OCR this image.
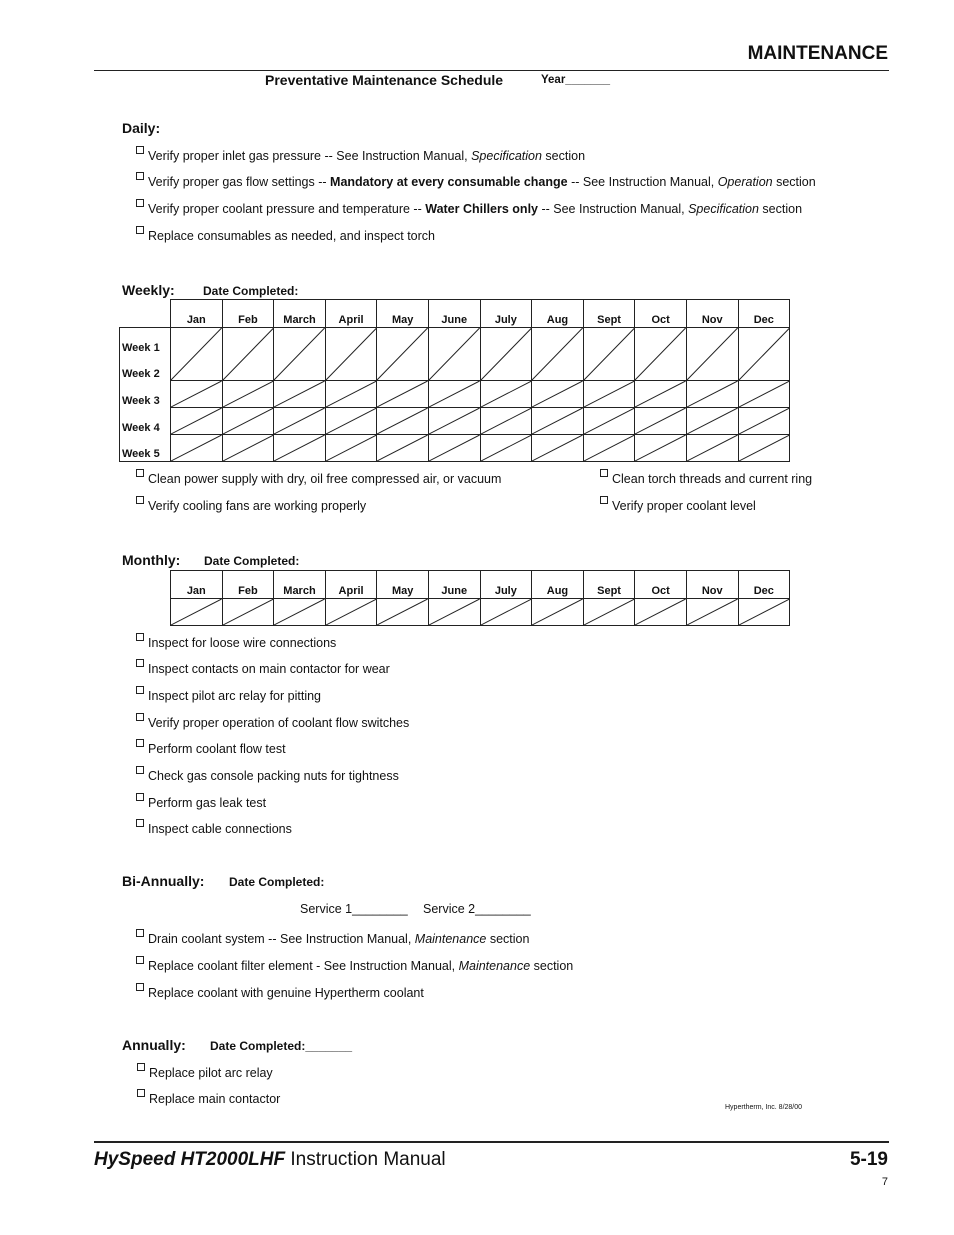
MAINTENANCE
Preventative Maintenance Schedule	Year_______
Daily:
Verify proper inlet gas pressure -- See Instruction Manual, Specification section
Verify proper gas flow settings -- Mandatory at every consumable change -- See Instruction Manual, Operation section
Verify proper coolant pressure and temperature -- Water Chillers only -- See Instruction Manual, Specification section
Replace consumables as needed, and inspect torch
Weekly: Date Completed:
	Jan	Feb	March	April	May	June	July	Aug	Sept	Oct	Nov	Dec

Week 1
Week 2

Week 3

Week 4

Week 5

Clean power supply with dry, oil free compressed air, or vacuum
Verify cooling fans are working properly
Clean torch threads and current ring
Verify proper coolant level
Monthly: Date Completed:
Jan	Feb	March	April	May	June	July	Aug	Sept	Oct	Nov	Dec

Inspect for loose wire connections
Inspect contacts on main contactor for wear
Inspect pilot arc relay for pitting
Verify proper operation of coolant flow switches
Perform coolant flow test
Check gas console packing nuts for tightness
Perform gas leak test
Inspect cable connections
Bi-Annually: Date Completed:
Service 1________ Service 2________
Drain coolant system -- See Instruction Manual, Maintenance section
Replace coolant filter element - See Instruction Manual, Maintenance section
Replace coolant with genuine Hypertherm coolant
Annually: Date Completed:_______
Replace pilot arc relay
Replace main contactor
Hypertherm, Inc. 8/28/00
HySpeed HT2000LHF Instruction Manual	5-19
7
